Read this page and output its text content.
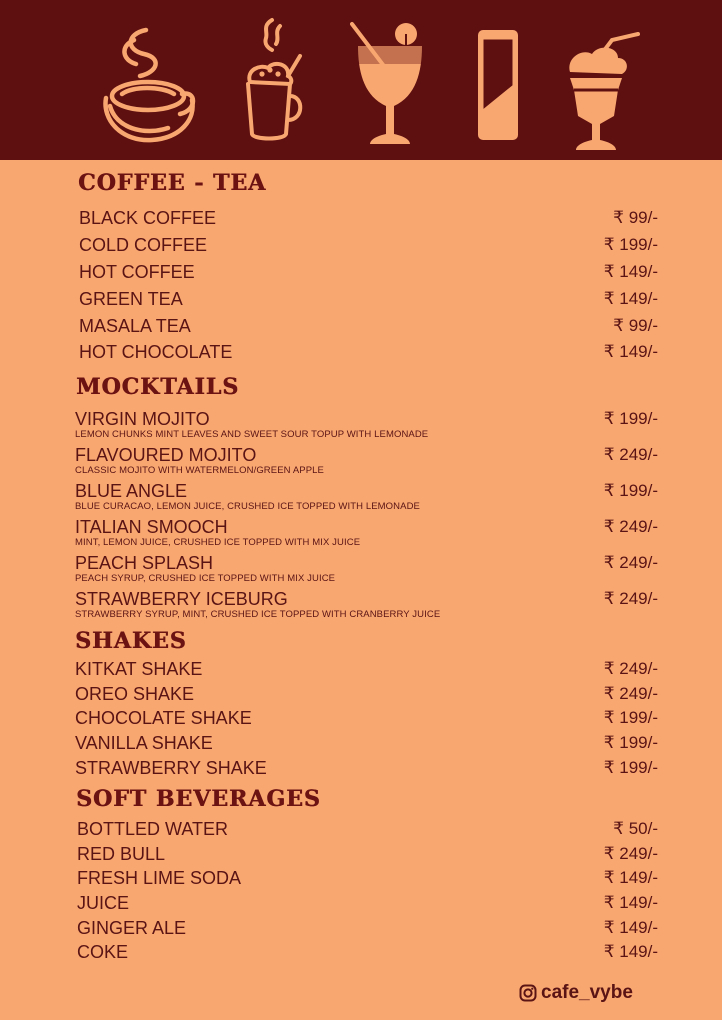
COFFEE - TEA
BLACK COFFEE	₹ 99/-
COLD COFFEE	₹ 199/-
HOT COFFEE	₹ 149/-
GREEN TEA	₹ 149/-
MASALA TEA	₹ 99/-
HOT CHOCOLATE	₹ 149/-
MOCKTAILS
VIRGIN MOJITO	₹ 199/-
LEMON CHUNKS MINT LEAVES AND SWEET SOUR TOPUP WITH LEMONADE
FLAVOURED MOJITO	₹ 249/-
CLASSIC MOJITO WITH WATERMELON/GREEN APPLE
BLUE ANGLE	₹ 199/-
BLUE CURACAO, LEMON JUICE, CRUSHED ICE TOPPED WITH LEMONADE
ITALIAN SMOOCH	₹ 249/-
MINT, LEMON JUICE, CRUSHED ICE TOPPED WITH MIX JUICE
PEACH SPLASH	₹ 249/-
PEACH SYRUP, CRUSHED ICE TOPPED WITH MIX JUICE
STRAWBERRY ICEBURG	₹ 249/-
STRAWBERRY SYRUP, MINT, CRUSHED ICE TOPPED WITH CRANBERRY JUICE
SHAKES
KITKAT SHAKE	₹ 249/-
OREO SHAKE	₹ 249/-
CHOCOLATE SHAKE	₹ 199/-
VANILLA SHAKE	₹ 199/-
STRAWBERRY SHAKE	₹ 199/-
SOFT BEVERAGES
BOTTLED WATER	₹ 50/-
RED BULL	₹ 249/-
FRESH LIME SODA	₹ 149/-
JUICE	₹ 149/-
GINGER ALE	₹ 149/-
COKE	₹ 149/-
cafe_vybe
